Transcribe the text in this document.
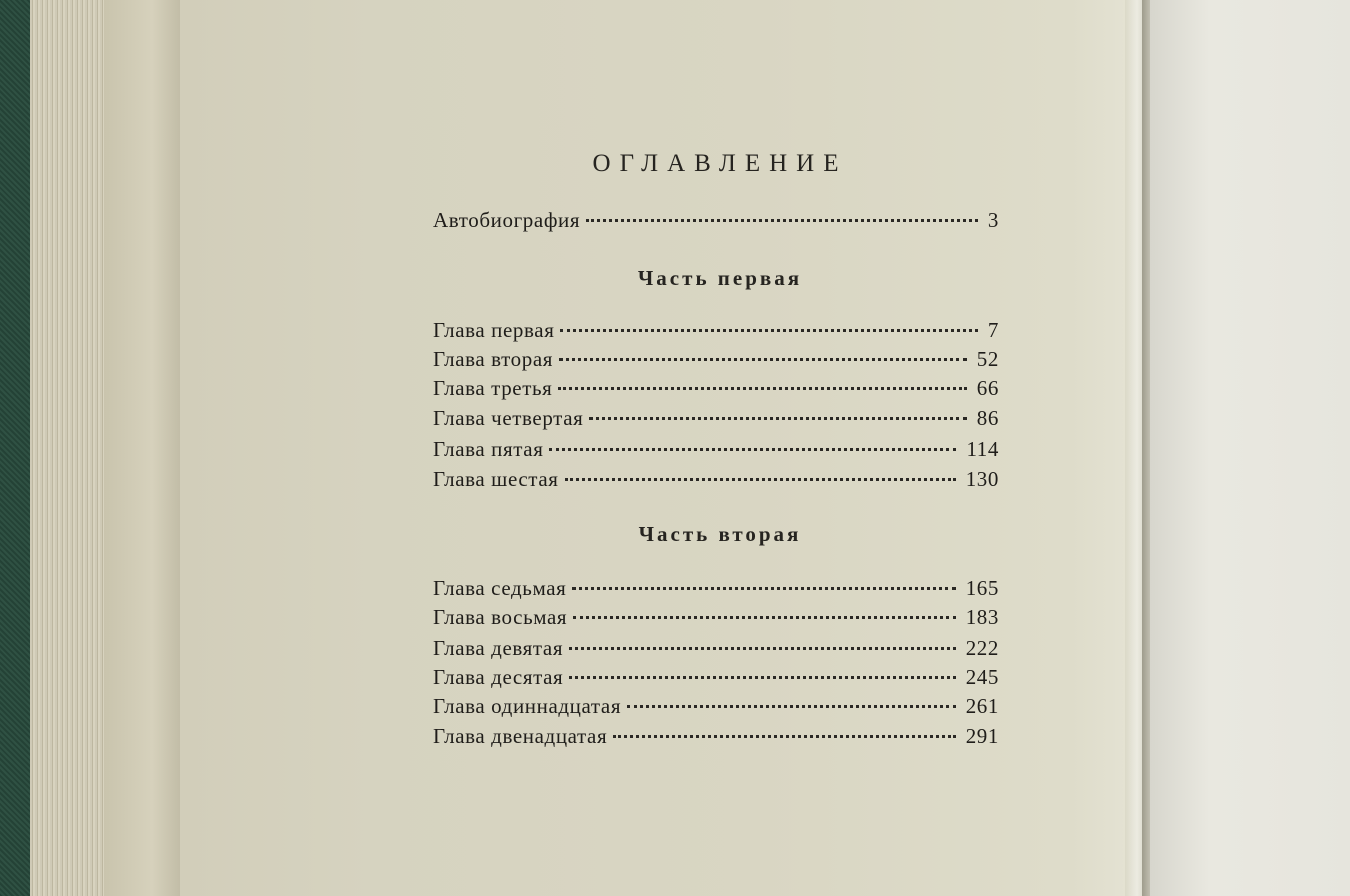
ОГЛАВЛЕНИЕ
Автобиография	3
Часть первая
Глава первая	7
Глава вторая	52
Глава третья	66
Глава четвертая	86
Глава пятая	114
Глава шестая	130
Часть вторая
Глава седьмая	165
Глава восьмая	183
Глава девятая	222
Глава десятая	245
Глава одиннадцатая	261
Глава двенадцатая	291
